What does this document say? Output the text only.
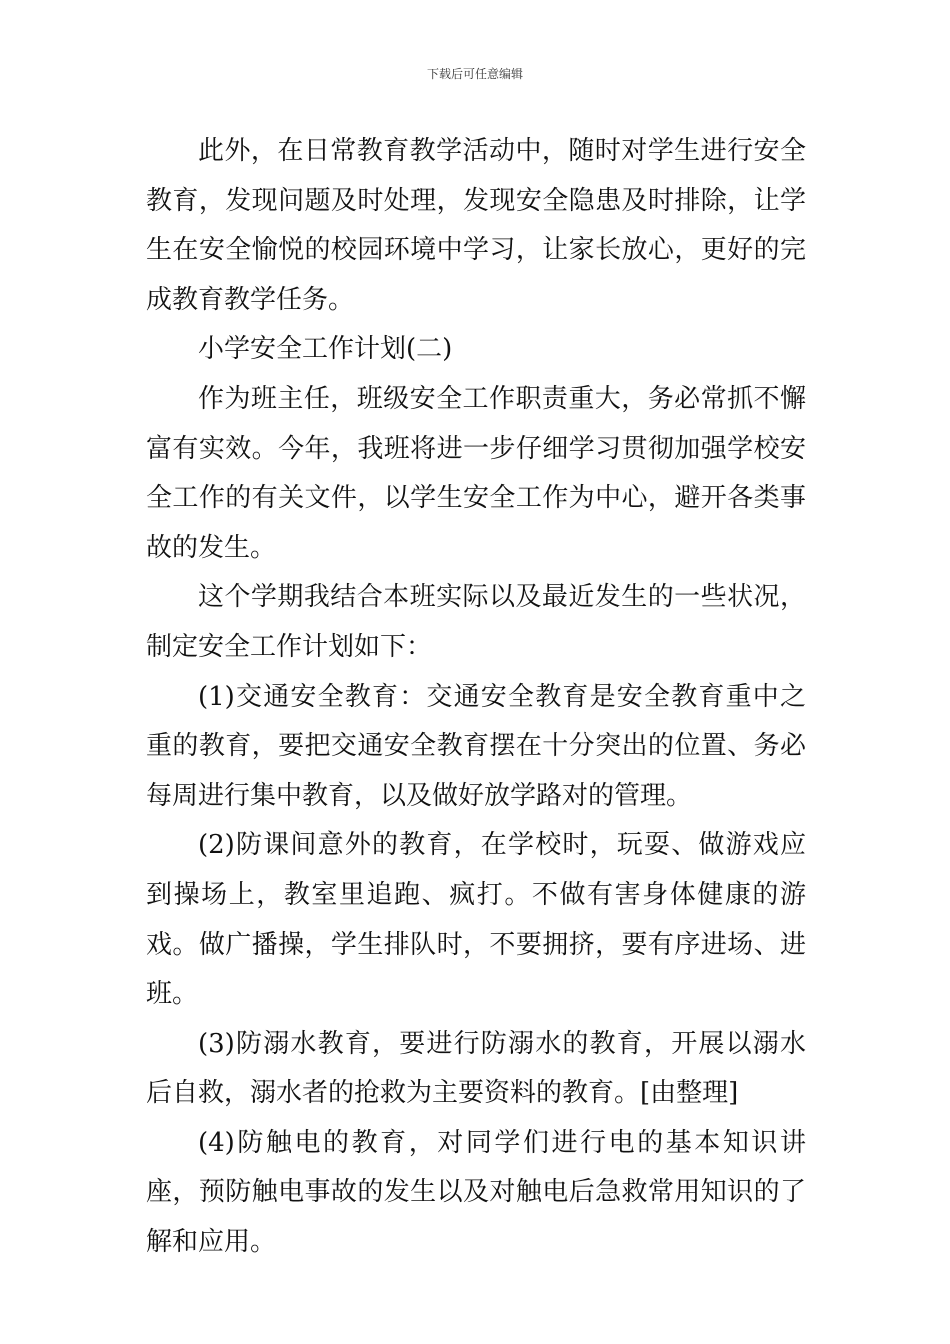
下载后可任意编辑

此外，在日常教育教学活动中，随时对学生进行安全教育，发现问题及时处理，发现安全隐患及时排除，让学生在安全愉悦的校园环境中学习，让家长放心，更好的完成教育教学任务。

小学安全工作计划(二)

作为班主任，班级安全工作职责重大，务必常抓不懈富有实效。今年，我班将进一步仔细学习贯彻加强学校安全工作的有关文件，以学生安全工作为中心，避开各类事故的发生。

这个学期我结合本班实际以及最近发生的一些状况，制定安全工作计划如下：

(1)交通安全教育：交通安全教育是安全教育重中之重的教育，要把交通安全教育摆在十分突出的位置、务必每周进行集中教育，以及做好放学路对的管理。

(2)防课间意外的教育，在学校时，玩耍、做游戏应到操场上，教室里追跑、疯打。不做有害身体健康的游戏。做广播操，学生排队时，不要拥挤，要有序进场、进班。

(3)防溺水教育，要进行防溺水的教育，开展以溺水后自救，溺水者的抢救为主要资料的教育。[由整理]

(4)防触电的教育，对同学们进行电的基本知识讲座，预防触电事故的发生以及对触电后急救常用知识的了解和应用。
